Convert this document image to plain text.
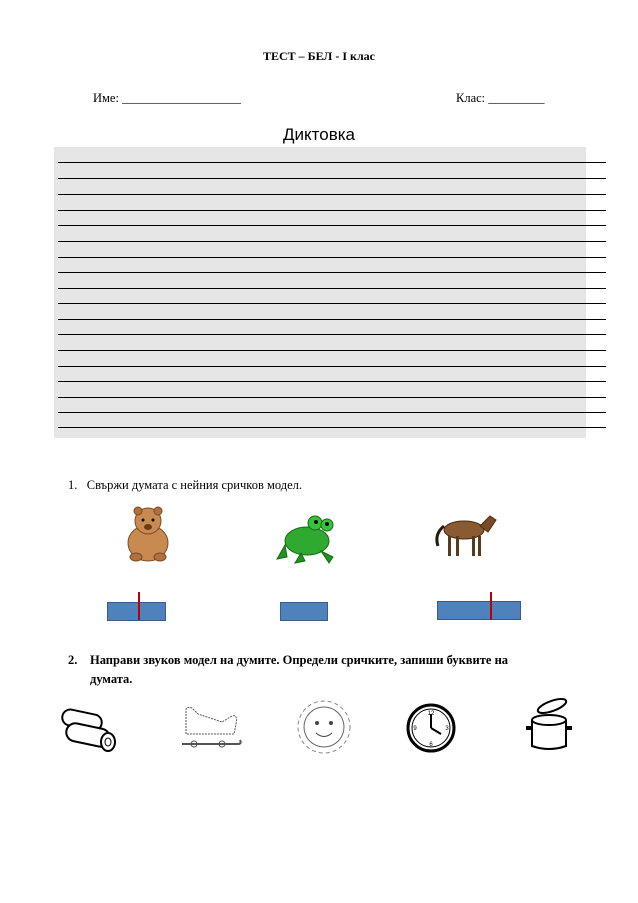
ТЕСТ – БЕЛ - I клас
Име: ___________________	Клас: _________
Диктовка
1. Свържи думата с нейния сричков модел.
2. Направи звуков модел на думите. Определи сричките, запиши буквите на
думата.
12
3
6
9
